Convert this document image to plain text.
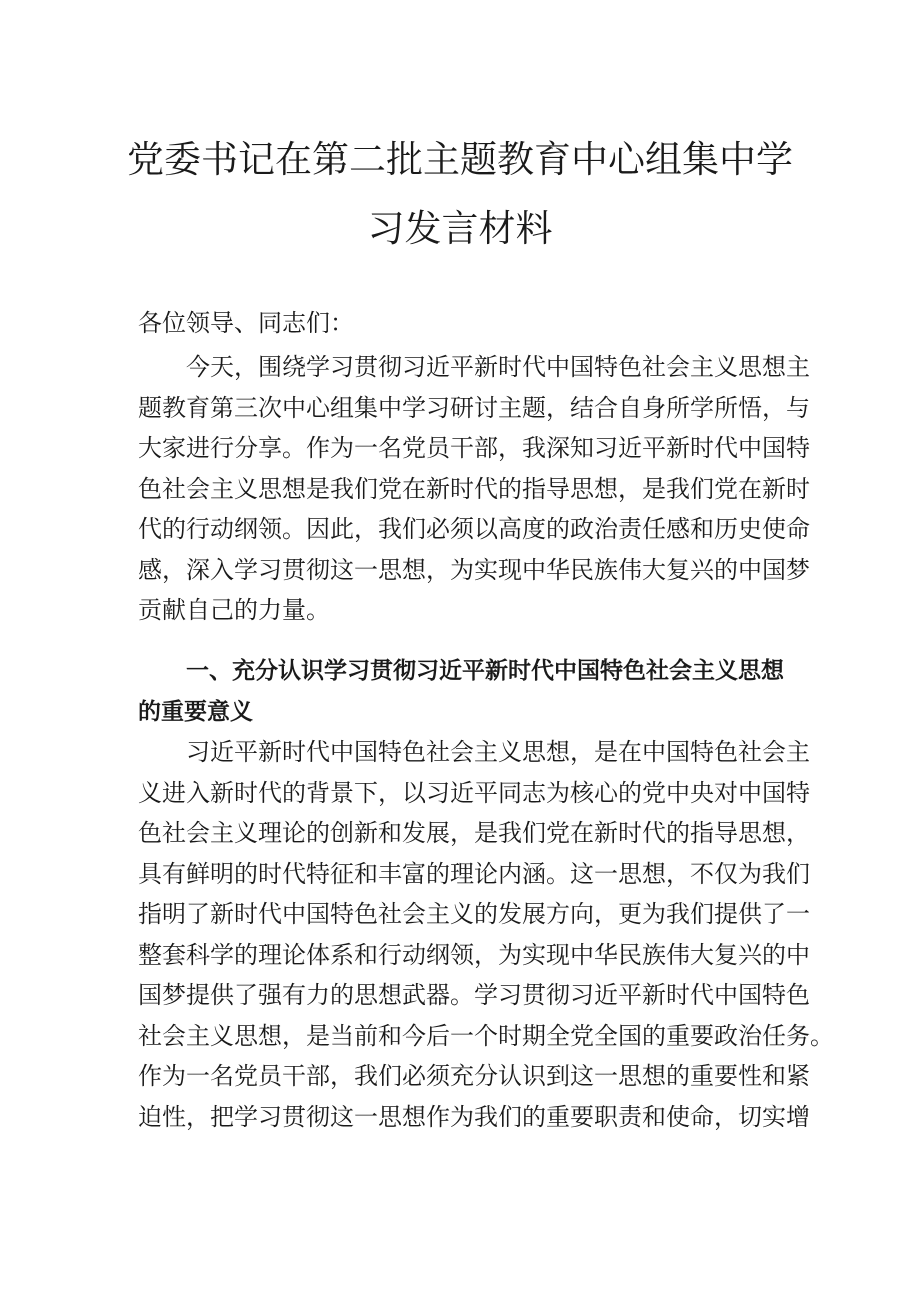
党委书记在第二批主题教育中心组集中学
习发言材料

各位领导、同志们：

今天，围绕学习贯彻习近平新时代中国特色社会主义思想主
题教育第三次中心组集中学习研讨主题，结合自身所学所悟，与
大家进行分享。作为一名党员干部，我深知习近平新时代中国特
色社会主义思想是我们党在新时代的指导思想，是我们党在新时
代的行动纲领。因此，我们必须以高度的政治责任感和历史使命
感，深入学习贯彻这一思想，为实现中华民族伟大复兴的中国梦
贡献自己的力量。
一、充分认识学习贯彻习近平新时代中国特色社会主义思想
的重要意义
习近平新时代中国特色社会主义思想，是在中国特色社会主
义进入新时代的背景下，以习近平同志为核心的党中央对中国特
色社会主义理论的创新和发展，是我们党在新时代的指导思想，
具有鲜明的时代特征和丰富的理论内涵。这一思想，不仅为我们
指明了新时代中国特色社会主义的发展方向，更为我们提供了一
整套科学的理论体系和行动纲领，为实现中华民族伟大复兴的中
国梦提供了强有力的思想武器。学习贯彻习近平新时代中国特色
社会主义思想，是当前和今后一个时期全党全国的重要政治任务。
作为一名党员干部，我们必须充分认识到这一思想的重要性和紧
迫性，把学习贯彻这一思想作为我们的重要职责和使命，切实增
